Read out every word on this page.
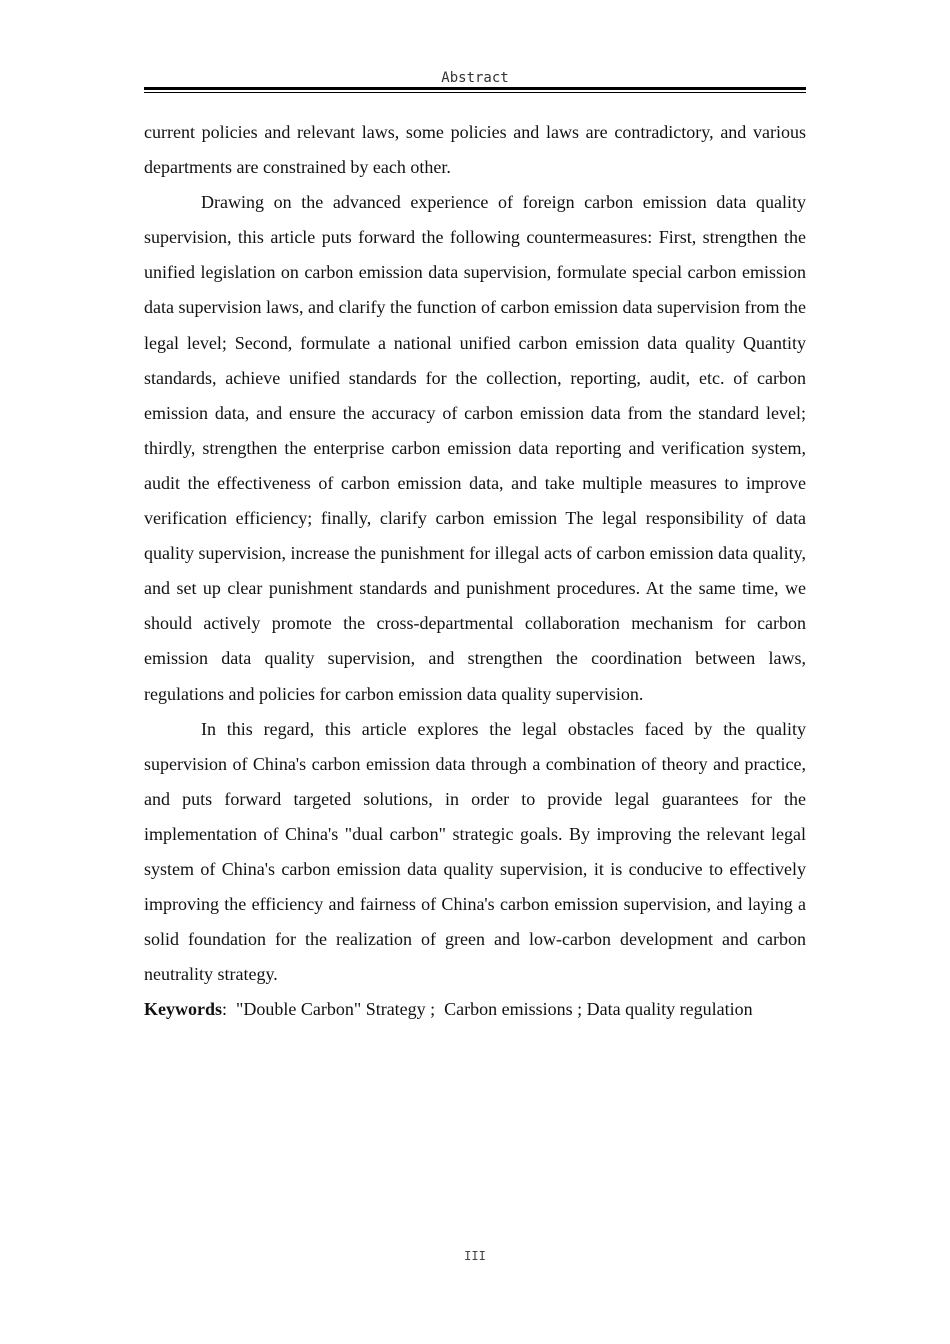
Abstract

current policies and relevant laws, some policies and laws are contradictory, and various departments are constrained by each other.

Drawing on the advanced experience of foreign carbon emission data quality supervision, this article puts forward the following countermeasures: First, strengthen the unified legislation on carbon emission data supervision, formulate special carbon emission data supervision laws, and clarify the function of carbon emission data supervision from the legal level; Second, formulate a national unified carbon emission data quality Quantity standards, achieve unified standards for the collection, reporting, audit, etc. of carbon emission data, and ensure the accuracy of carbon emission data from the standard level; thirdly, strengthen the enterprise carbon emission data reporting and verification system, audit the effectiveness of carbon emission data, and take multiple measures to improve verification efficiency; finally, clarify carbon emission The legal responsibility of data quality supervision, increase the punishment for illegal acts of carbon emission data quality, and set up clear punishment standards and punishment procedures. At the same time, we should actively promote the cross-departmental collaboration mechanism for carbon emission data quality supervision, and strengthen the coordination between laws, regulations and policies for carbon emission data quality supervision.

In this regard, this article explores the legal obstacles faced by the quality supervision of China's carbon emission data through a combination of theory and practice, and puts forward targeted solutions, in order to provide legal guarantees for the implementation of China's "dual carbon" strategic goals. By improving the relevant legal system of China's carbon emission data quality supervision, it is conducive to effectively improving the efficiency and fairness of China's carbon emission supervision, and laying a solid foundation for the realization of green and low-carbon development and carbon neutrality strategy.

Keywords:  "Double Carbon" Strategy ;  Carbon emissions ; Data quality regulation

III
